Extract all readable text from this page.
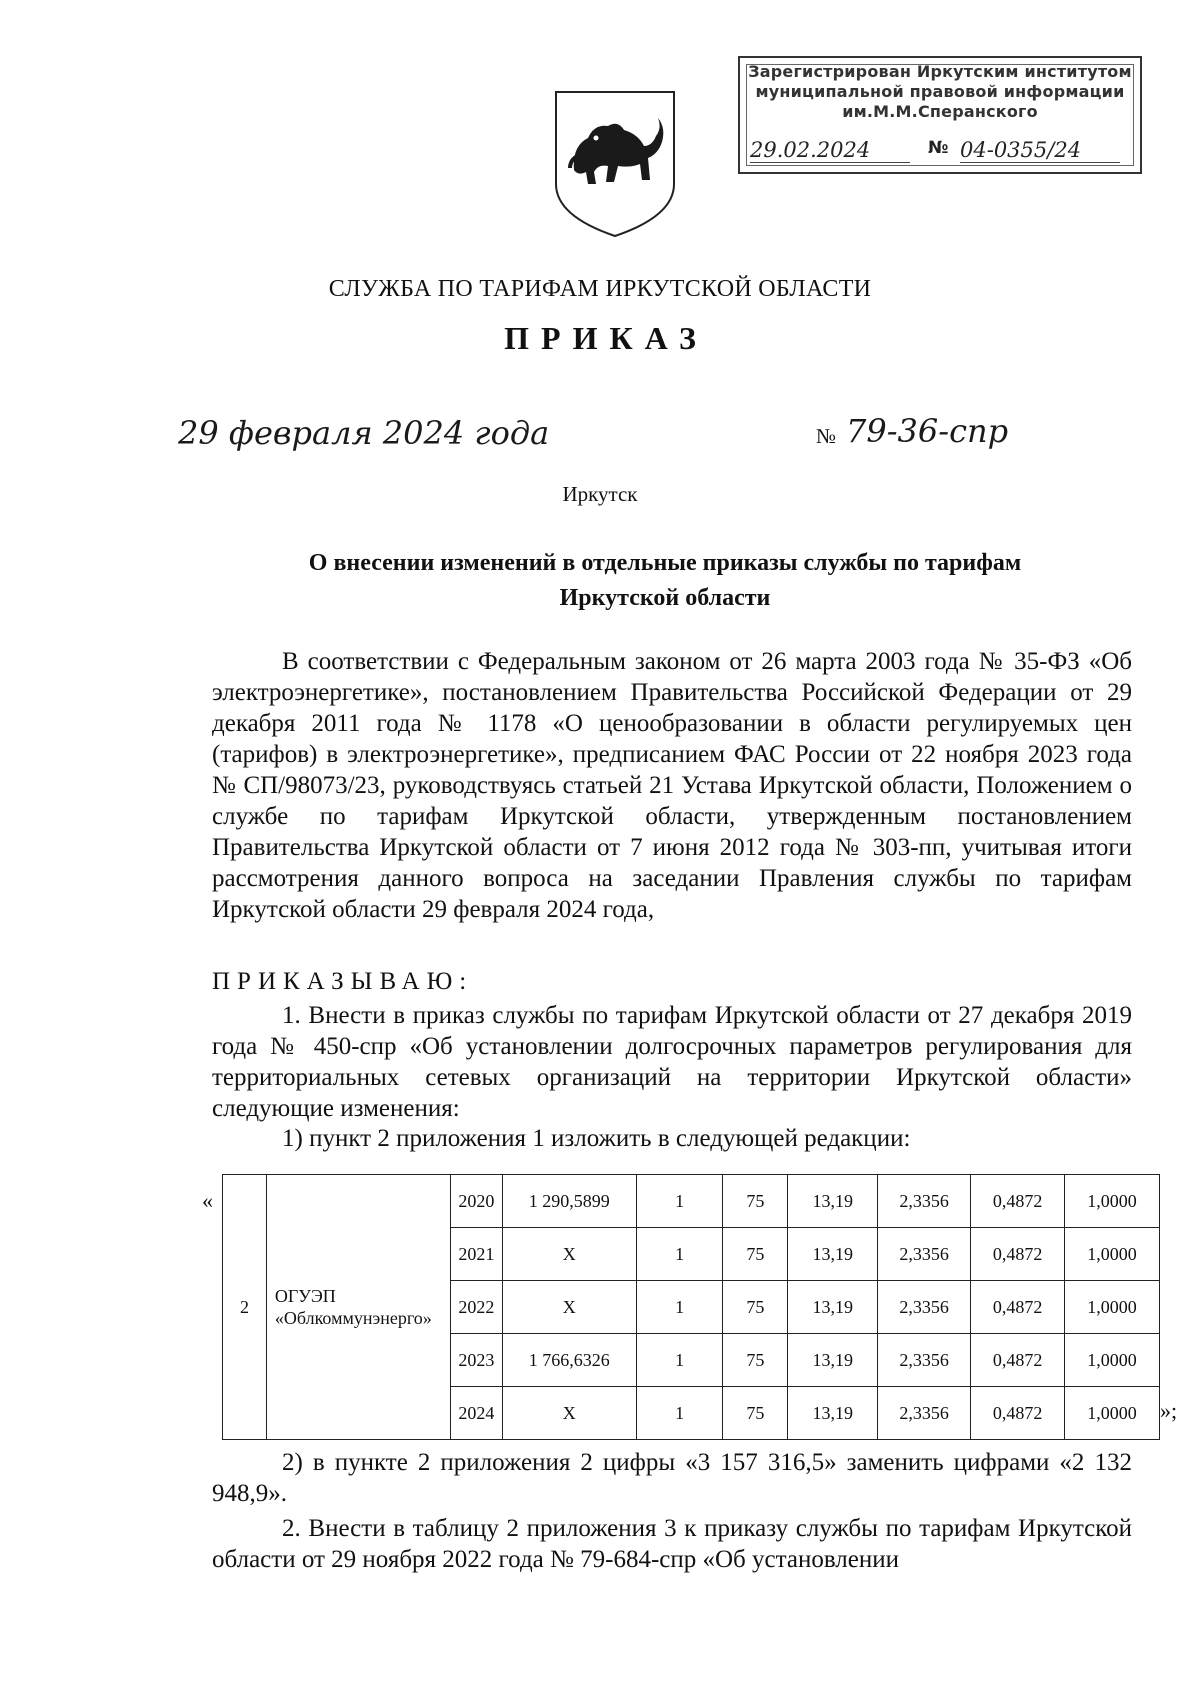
Зарегистрирован Иркутским институтом
муниципальной правовой информации
им.М.М.Сперанского
29.02.2024	№ 04-0355/24
СЛУЖБА ПО ТАРИФАМ ИРКУТСКОЙ ОБЛАСТИ
ПРИКАЗ
29 февраля 2024 года	№ 79-36-спр
Иркутск
О внесении изменений в отдельные приказы службы по тарифам
Иркутской области
В соответствии с Федеральным законом от 26 марта 2003 года № 35-ФЗ «Об электроэнергетике», постановлением Правительства Российской Федерации от 29 декабря 2011 года № 1178 «О ценообразовании в области регулируемых цен (тарифов) в электроэнергетике», предписанием ФАС России от 22 ноября 2023 года № СП/98073/23, руководствуясь статьей 21 Устава Иркутской области, Положением о службе по тарифам Иркутской области, утвержденным постановлением Правительства Иркутской области от 7 июня 2012 года № 303-пп, учитывая итоги рассмотрения данного вопроса на заседании Правления службы по тарифам Иркутской области 29 февраля 2024 года,
ПРИКАЗЫВАЮ:
1. Внести в приказ службы по тарифам Иркутской области от 27 декабря 2019 года № 450-спр «Об установлении долгосрочных параметров регулирования для территориальных сетевых организаций на территории Иркутской области» следующие изменения:
1) пункт 2 приложения 1 изложить в следующей редакции:
«
2	ОГУЭП «Облкоммунэнерго»	2020	1 290,5899	1	75	13,19	2,3356	0,4872	1,0000
		2021	X	1	75	13,19	2,3356	0,4872	1,0000
		2022	X	1	75	13,19	2,3356	0,4872	1,0000
		2023	1 766,6326	1	75	13,19	2,3356	0,4872	1,0000
		2024	X	1	75	13,19	2,3356	0,4872	1,0000 »;
2) в пункте 2 приложения 2 цифры «3 157 316,5» заменить цифрами «2 132 948,9».
2. Внести в таблицу 2 приложения 3 к приказу службы по тарифам Иркутской области от 29 ноября 2022 года № 79-684-спр «Об установлении
